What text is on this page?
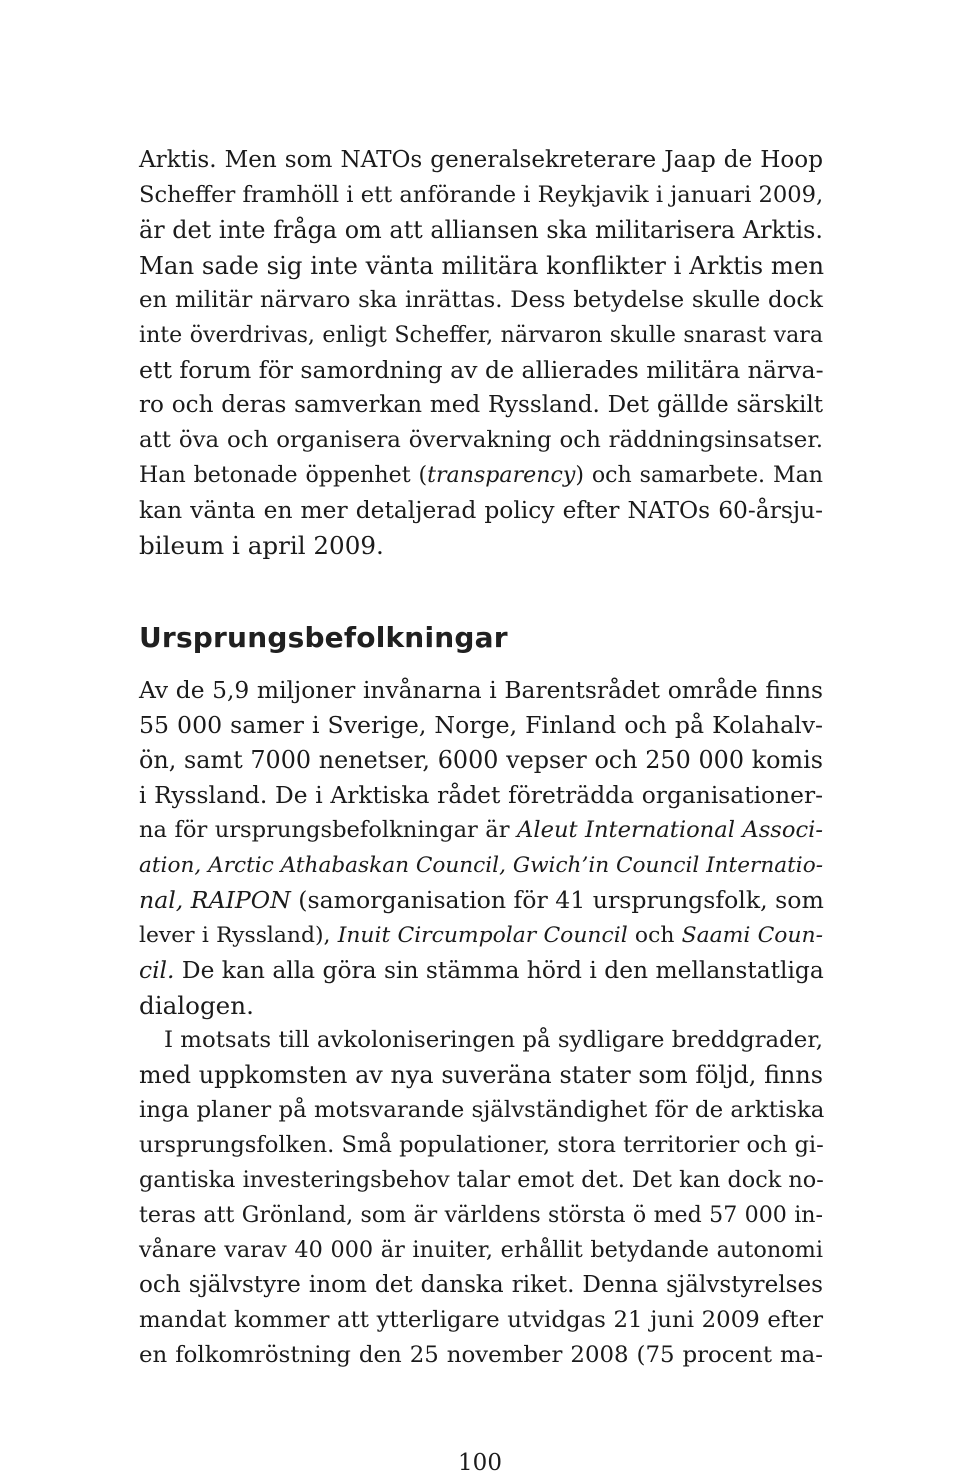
Arktis. Men som NATOs generalsekreterare Jaap de Hoop

Scheffer framhöll i ett anförande i Reykjavik i januari 2009,

är det inte fråga om att alliansen ska militarisera Arktis.

Man sade sig inte vänta militära konflikter i Arktis men

en militär närvaro ska inrättas. Dess betydelse skulle dock

inte överdrivas, enligt Scheffer, närvaron skulle snarast vara

ett forum för samordning av de allierades militära närva-

ro och deras samverkan med Ryssland. Det gällde särskilt

att öva och organisera övervakning och räddningsinsatser.

Han betonade öppenhet (transparency) och samarbete. Man

kan vänta en mer detaljerad policy efter NATOs 60-årsju-

bileum i april 2009.

Ursprungsbefolkningar

Av de 5,9 miljoner invånarna i Barentsrådet område finns

55 000 samer i Sverige, Norge, Finland och på Kolahalv-

ön, samt 7000 nenetser, 6000 vepser och 250 000 komis

i Ryssland. De i Arktiska rådet företrädda organisationer-

na för ursprungsbefolkningar är Aleut International Associ-

ation, Arctic Athabaskan Council, Gwich’in Council Internatio-

nal, RAIPON (samorganisation för 41 ursprungsfolk, som

lever i Ryssland), Inuit Circumpolar Council och Saami Coun-

cil. De kan alla göra sin stämma hörd i den mellanstatliga

dialogen.

I motsats till avkoloniseringen på sydligare breddgrader,

med uppkomsten av nya suveräna stater som följd, finns

inga planer på motsvarande självständighet för de arktiska

ursprungsfolken. Små populationer, stora territorier och gi-

gantiska investeringsbehov talar emot det. Det kan dock no-

teras att Grönland, som är världens största ö med 57 000 in-

vånare varav 40 000 är inuiter, erhållit betydande autonomi

och självstyre inom det danska riket. Denna självstyrelses

mandat kommer att ytterligare utvidgas 21 juni 2009 efter

en folkomröstning den 25 november 2008 (75 procent ma-

100
